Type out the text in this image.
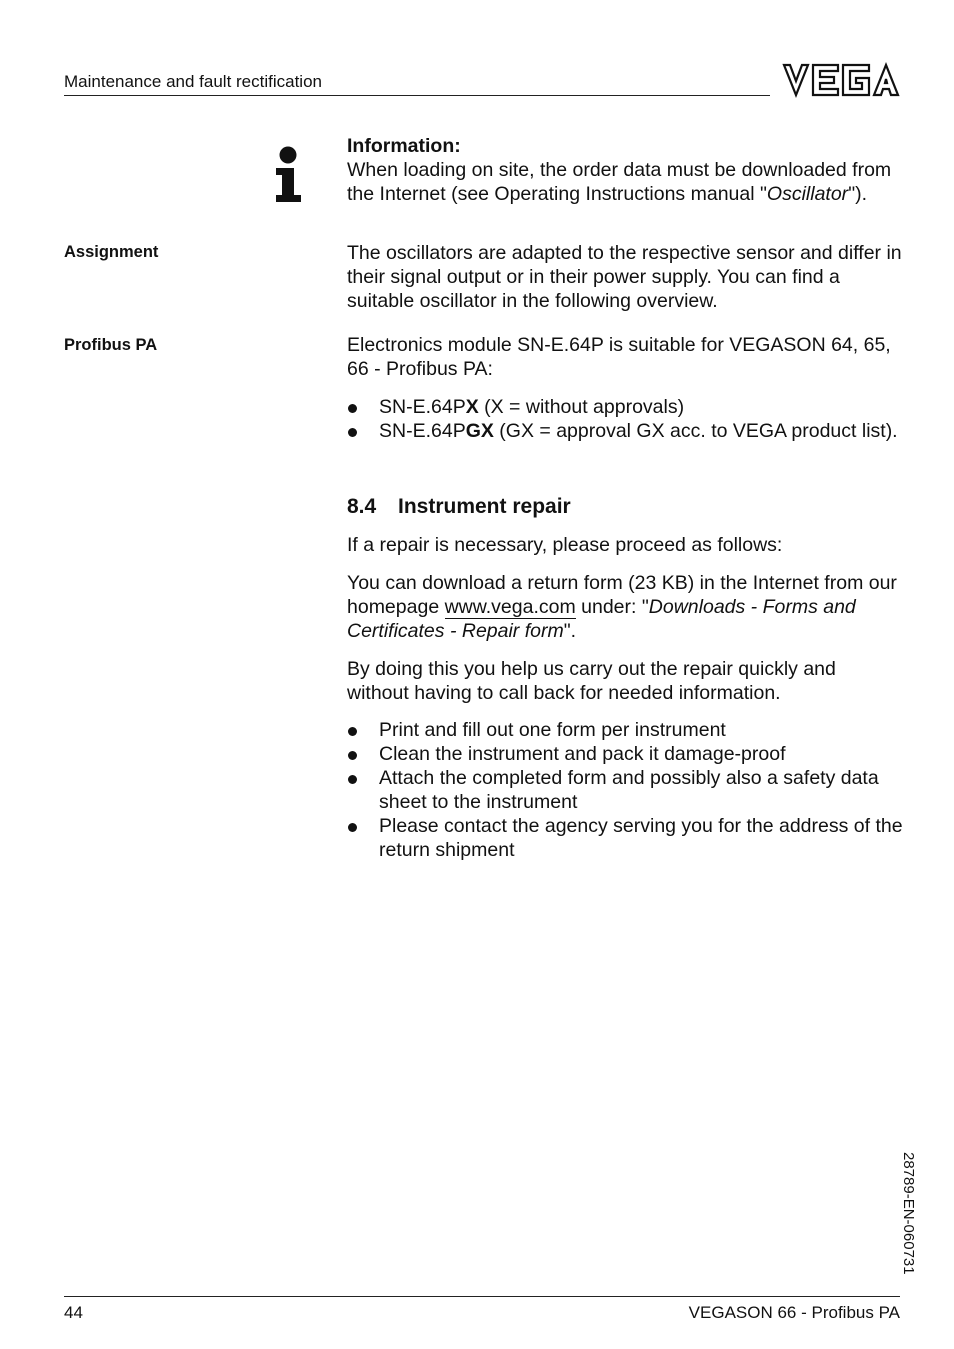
Maintenance and fault rectification
Information:
When loading on site, the order data must be downloaded from the Internet (see Operating Instructions manual "Oscillator").
Assignment	The oscillators are adapted to the respective sensor and differ in their signal output or in their power supply. You can find a suitable oscillator in the following overview.
Profibus PA	Electronics module SN-E.64P is suitable for VEGASON 64, 65, 66 - Profibus PA:
SN-E.64PX (X = without approvals)
SN-E.64PGX (GX = approval GX acc. to VEGA product list).
8.4 Instrument repair
If a repair is necessary, please proceed as follows:
You can download a return form (23 KB) in the Internet from our homepage www.vega.com under: "Downloads - Forms and Certificates - Repair form".
By doing this you help us carry out the repair quickly and without having to call back for needed information.
Print and fill out one form per instrument
Clean the instrument and pack it damage-proof
Attach the completed form and possibly also a safety data sheet to the instrument
Please contact the agency serving you for the address of the return shipment
28789-EN-060731
44	VEGASON 66 - Profibus PA
